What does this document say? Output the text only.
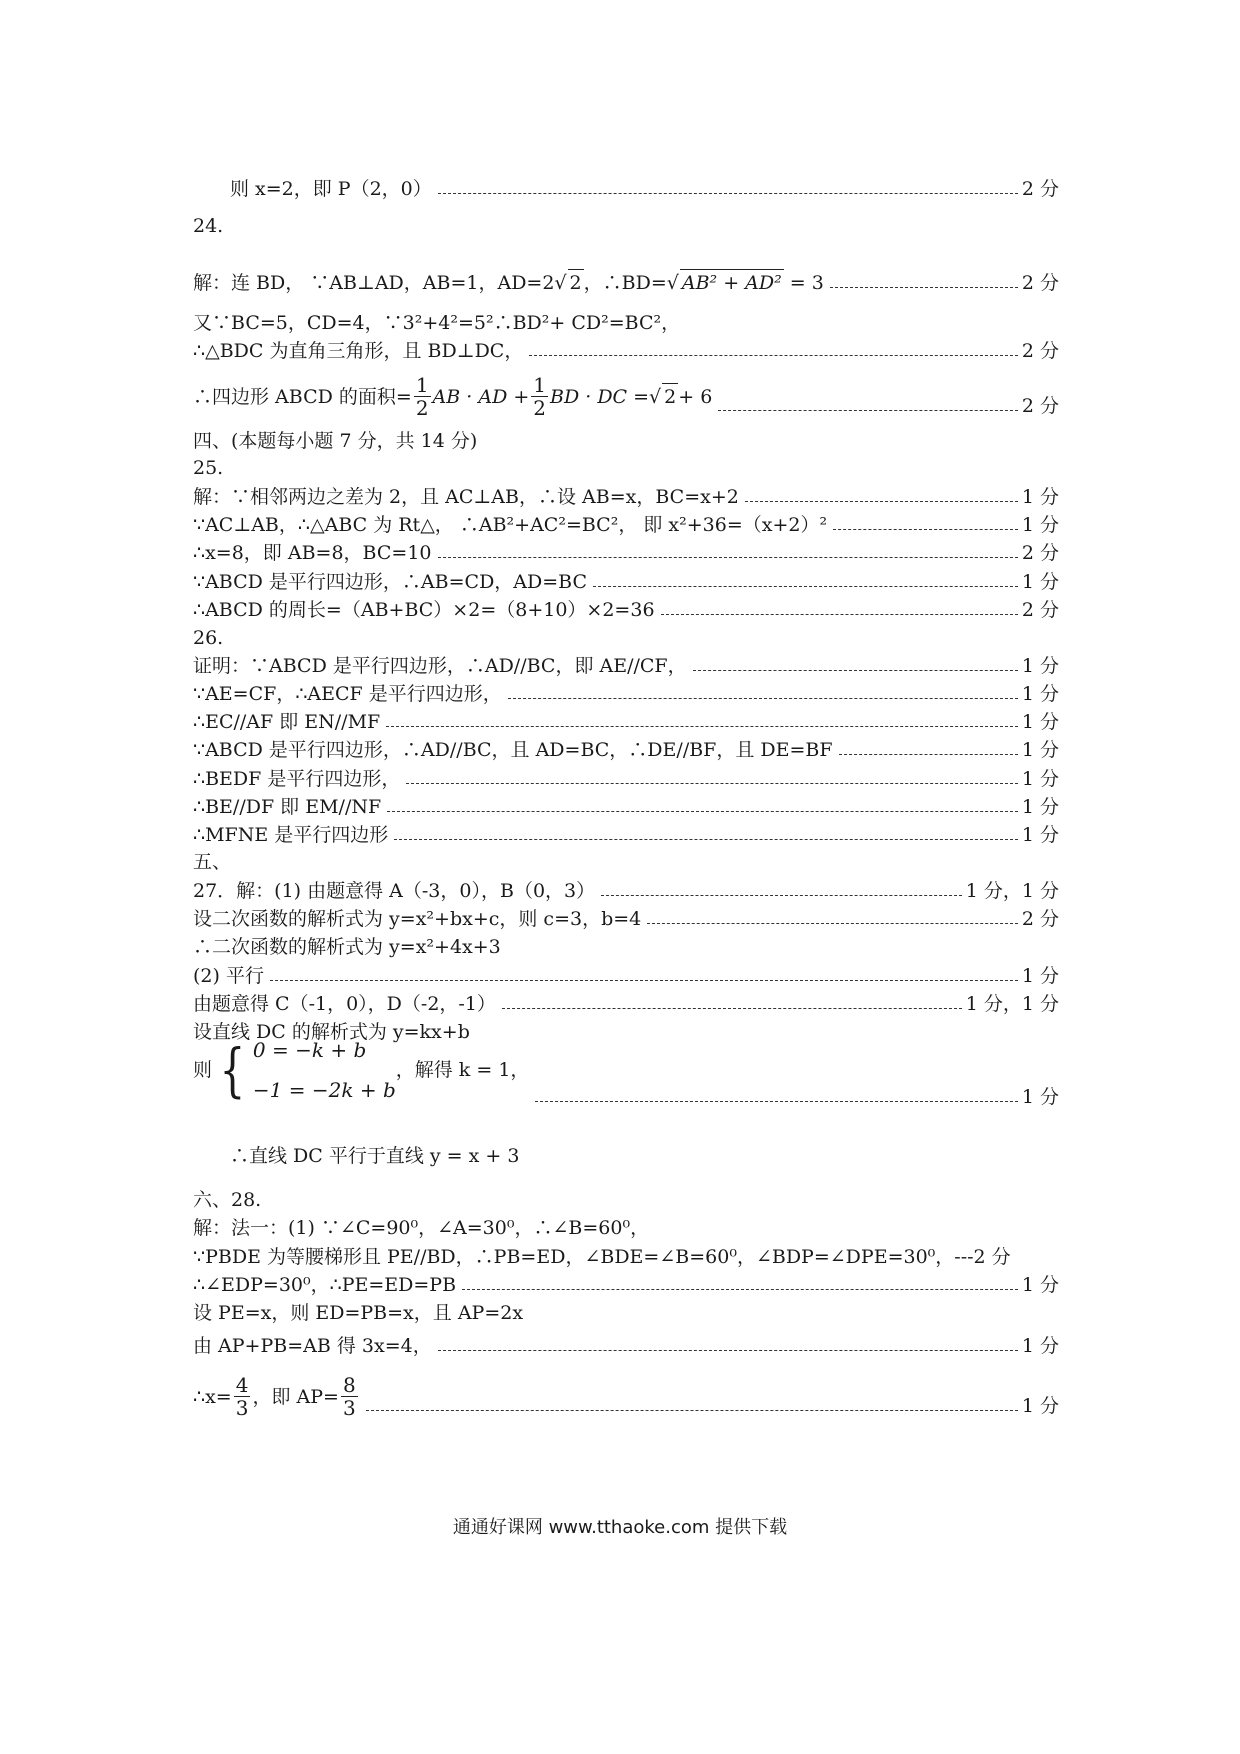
则 x=2，即 P（2，0）	2 分
24.
解：连 BD， ∵AB⊥AD，AB=1，AD=2√ 2 ，∴BD=√ AB² + AD² = 3	2 分
又∵BC=5，CD=4，∵3²+4²=5²∴BD²+ CD²=BC²，
∴△BDC 为直角三角形，且 BD⊥DC，	2 分
∴四边形 ABCD 的面积= $\frac{1}{2}$ AB · AD + $\frac{1}{2}$ BD · DC = √ 2 + 6	2 分
四、(本题每小题 7 分，共 14 分)
25.
解：∵相邻两边之差为 2，且 AC⊥AB，∴设 AB=x，BC=x+2	1 分
∵AC⊥AB，∴△ABC 为 Rt△， ∴AB²+AC²=BC²， 即 x²+36=（x+2）²	1 分
∴x=8，即 AB=8，BC=10	2 分
∵ABCD 是平行四边形，∴AB=CD，AD=BC	1 分
∴ABCD 的周长=（AB+BC）×2=（8+10）×2=36	2 分
26.
证明：∵ABCD 是平行四边形，∴AD//BC，即 AE//CF，	1 分
∵AE=CF，∴AECF 是平行四边形，	1 分
∴EC//AF 即 EN//MF	1 分
∵ABCD 是平行四边形，∴AD//BC，且 AD=BC，∴DE//BF，且 DE=BF	1 分
∴BEDF 是平行四边形，	1 分
∴BE//DF 即 EM//NF	1 分
∴MFNE 是平行四边形	1 分
五、
27．解：(1) 由题意得 A（-3，0），B（0，3）	1 分，1 分
设二次函数的解析式为 y=x²+bx+c，则 c=3，b=4	2 分
∴二次函数的解析式为 y=x²+4x+3
(2) 平行	1 分
由题意得 C（-1，0），D（-2，-1）	1 分，1 分
设直线 DC 的解析式为 y=kx+b
则 { 0 = −k + b
−1 = −2k + b
，解得 k = 1，
1 分
∴直线 DC 平行于直线 y = x + 3
六、28.
解：法一：(1) ∵∠C=90⁰，∠A=30⁰，∴∠B=60⁰，
∵PBDE 为等腰梯形且 PE//BD，∴PB=ED，∠BDE=∠B=60⁰，∠BDP=∠DPE=30⁰，---2 分
∴∠EDP=30⁰，∴PE=ED=PB	1 分
设 PE=x，则 ED=PB=x，且 AP=2x
由 AP+PB=AB 得 3x=4，	1 分
∴x= $\frac{4}{3}$ ，即 $AP= \frac{8}{3}$	1 分
通通好课网 www.tthaoke.com 提供下载
